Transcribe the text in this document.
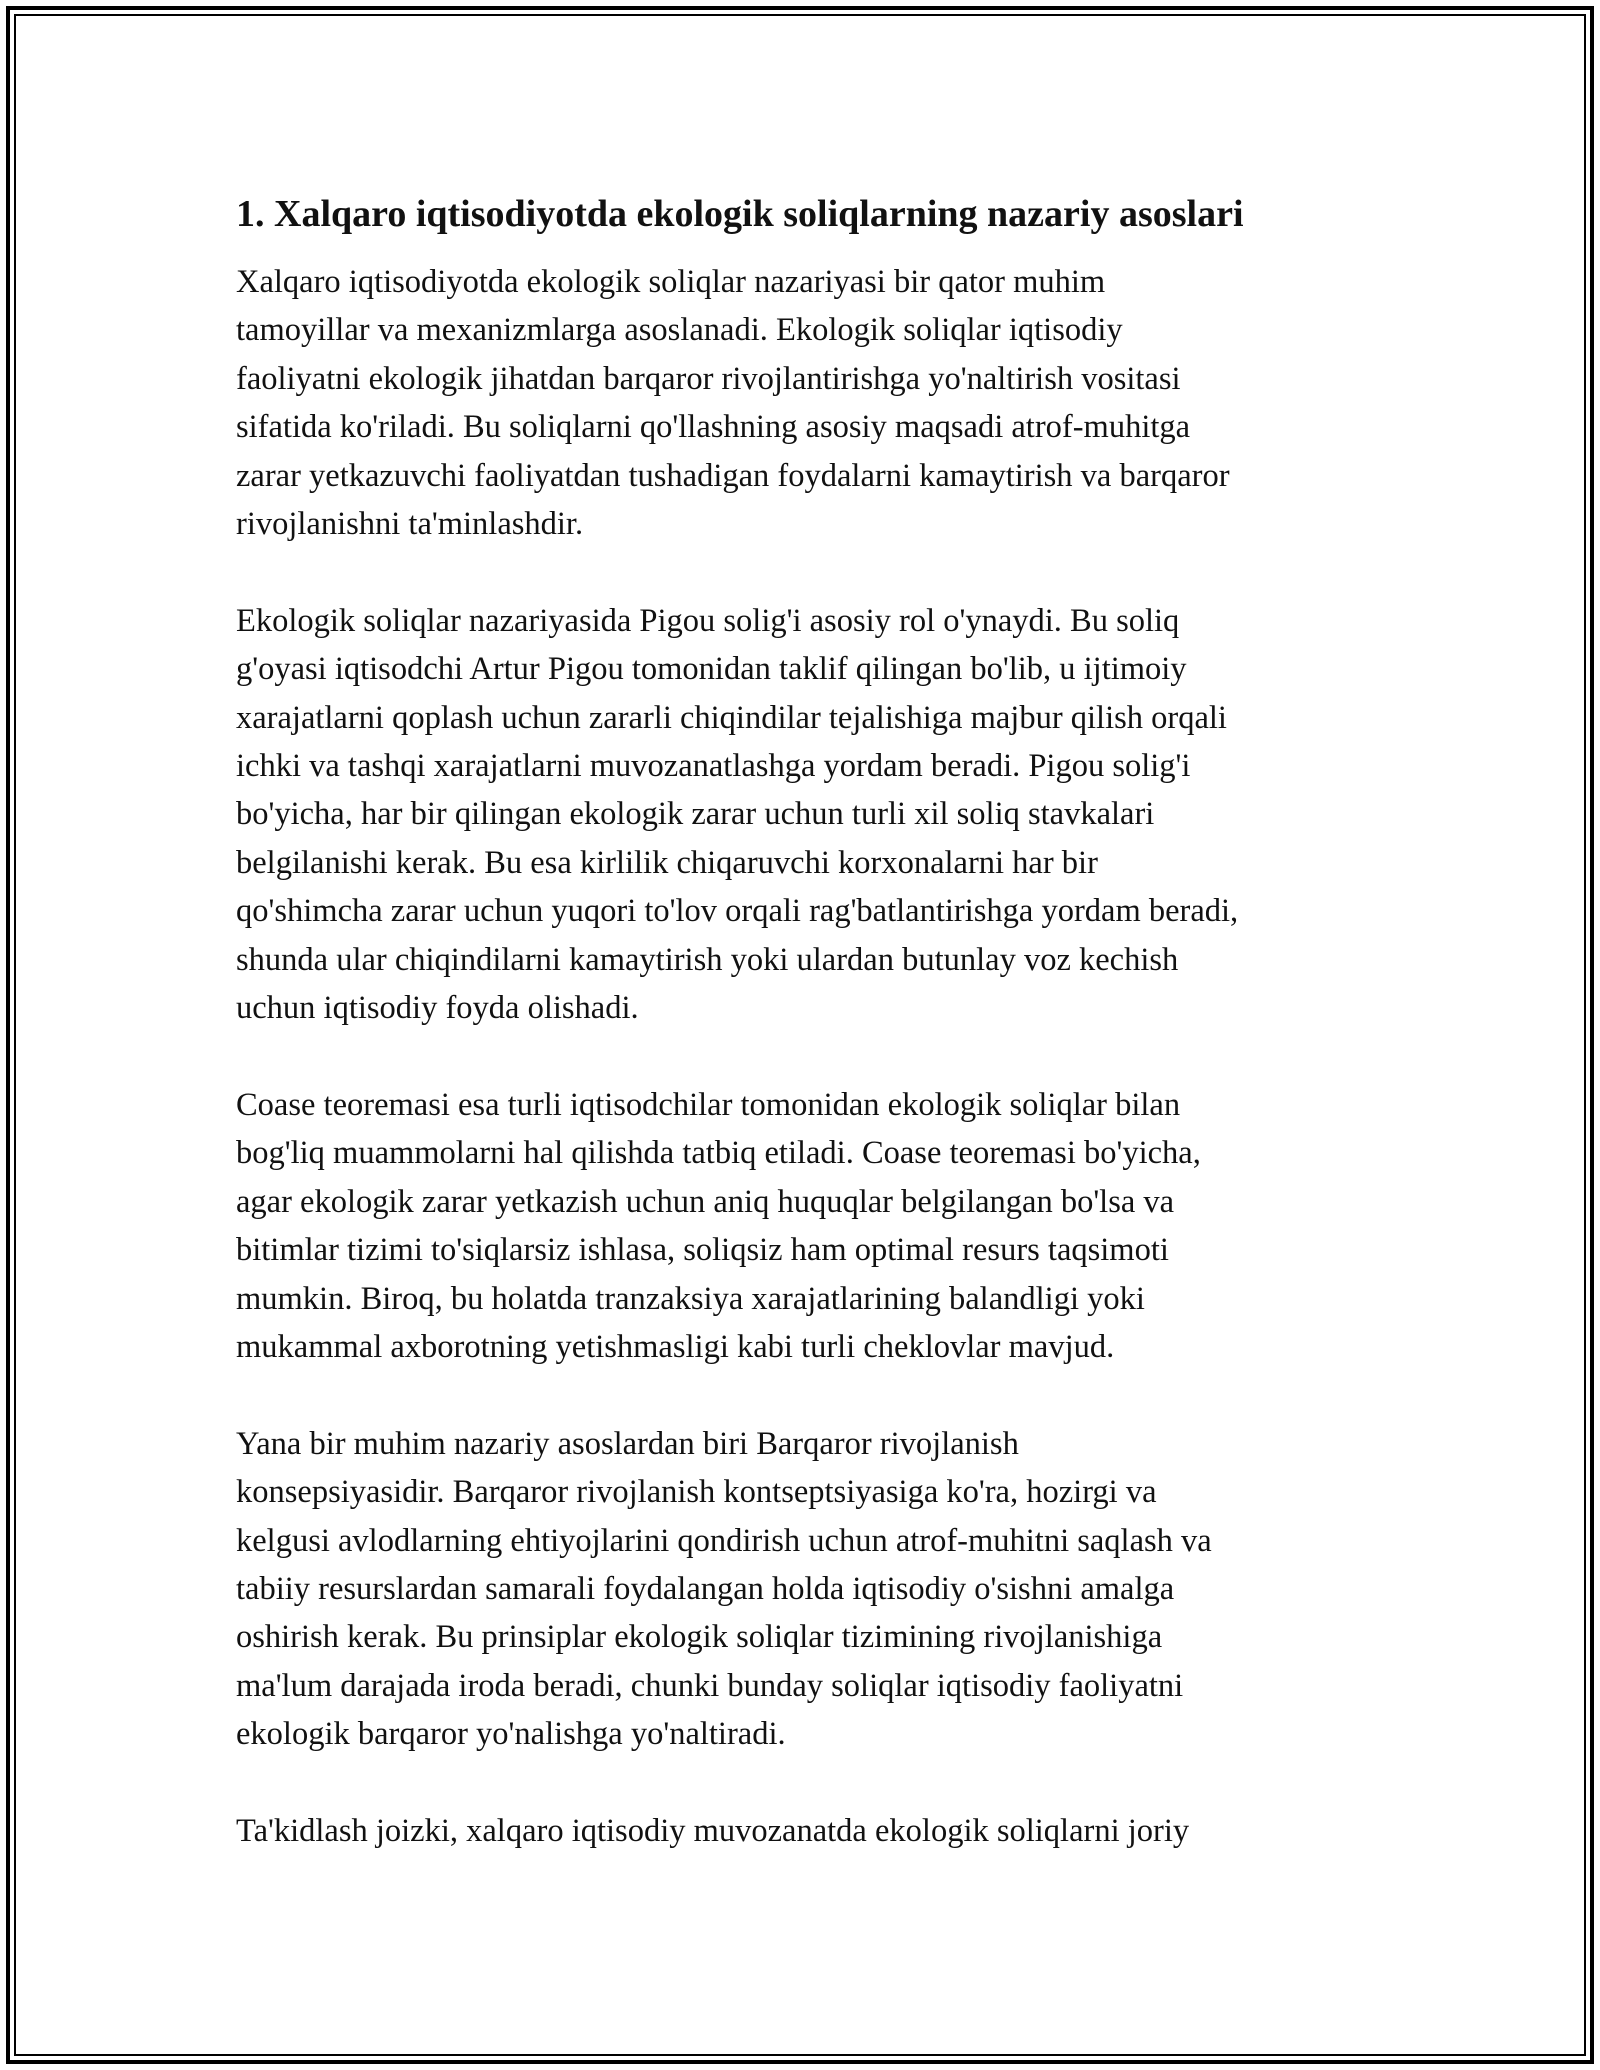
1. Xalqaro iqtisodiyotda ekologik soliqlarning nazariy asoslari

Xalqaro iqtisodiyotda ekologik soliqlar nazariyasi bir qator muhim
tamoyillar va mexanizmlarga asoslanadi. Ekologik soliqlar iqtisodiy
faoliyatni ekologik jihatdan barqaror rivojlantirishga yo'naltirish vositasi
sifatida ko'riladi. Bu soliqlarni qo'llashning asosiy maqsadi atrof-muhitga
zarar yetkazuvchi faoliyatdan tushadigan foydalarni kamaytirish va barqaror
rivojlanishni ta'minlashdir.

Ekologik soliqlar nazariyasida Pigou solig'i asosiy rol o'ynaydi. Bu soliq
g'oyasi iqtisodchi Artur Pigou tomonidan taklif qilingan bo'lib, u ijtimoiy
xarajatlarni qoplash uchun zararli chiqindilar tejalishiga majbur qilish orqali
ichki va tashqi xarajatlarni muvozanatlashga yordam beradi. Pigou solig'i
bo'yicha, har bir qilingan ekologik zarar uchun turli xil soliq stavkalari
belgilanishi kerak. Bu esa kirlilik chiqaruvchi korxonalarni har bir
qo'shimcha zarar uchun yuqori to'lov orqali rag'batlantirishga yordam beradi,
shunda ular chiqindilarni kamaytirish yoki ulardan butunlay voz kechish
uchun iqtisodiy foyda olishadi.

Coase teoremasi esa turli iqtisodchilar tomonidan ekologik soliqlar bilan
bog'liq muammolarni hal qilishda tatbiq etiladi. Coase teoremasi bo'yicha,
agar ekologik zarar yetkazish uchun aniq huquqlar belgilangan bo'lsa va
bitimlar tizimi to'siqlarsiz ishlasa, soliqsiz ham optimal resurs taqsimoti
mumkin. Biroq, bu holatda tranzaksiya xarajatlarining balandligi yoki
mukammal axborotning yetishmasligi kabi turli cheklovlar mavjud.

Yana bir muhim nazariy asoslardan biri Barqaror rivojlanish
konsepsiyasidir. Barqaror rivojlanish kontseptsiyasiga ko'ra, hozirgi va
kelgusi avlodlarning ehtiyojlarini qondirish uchun atrof-muhitni saqlash va
tabiiy resurslardan samarali foydalangan holda iqtisodiy o'sishni amalga
oshirish kerak. Bu prinsiplar ekologik soliqlar tizimining rivojlanishiga
ma'lum darajada iroda beradi, chunki bunday soliqlar iqtisodiy faoliyatni
ekologik barqaror yo'nalishga yo'naltiradi.

Ta'kidlash joizki, xalqaro iqtisodiy muvozanatda ekologik soliqlarni joriy
